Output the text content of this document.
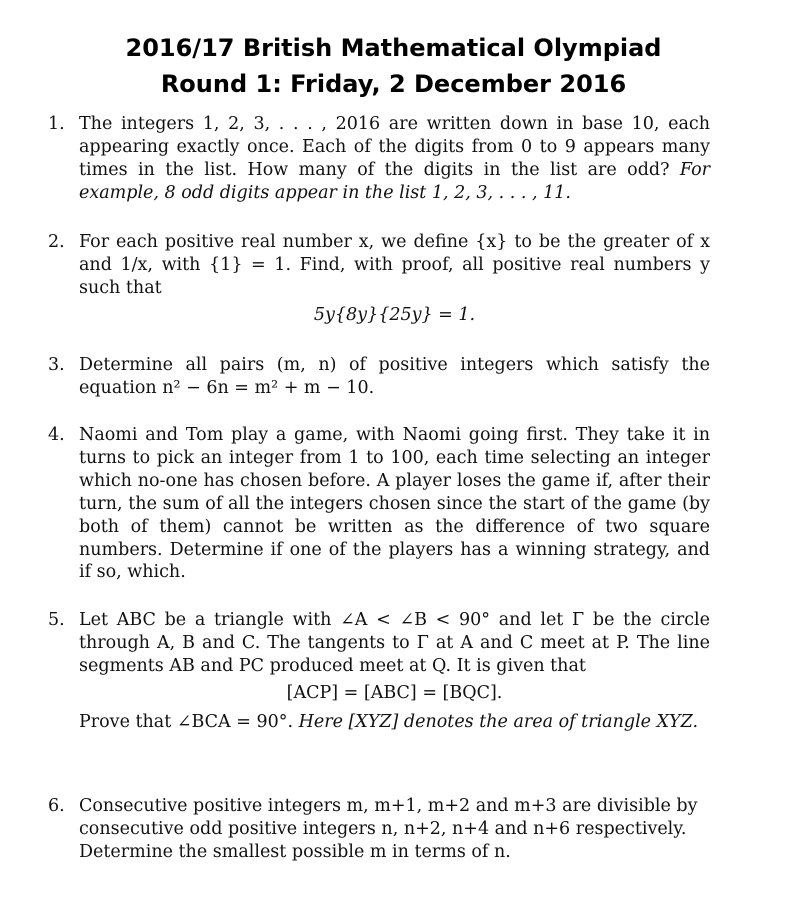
2016/17 British Mathematical Olympiad
Round 1: Friday, 2 December 2016
1. The integers 1, 2, 3, . . . , 2016 are written down in base 10, each appearing exactly once. Each of the digits from 0 to 9 appears many times in the list. How many of the digits in the list are odd? For example, 8 odd digits appear in the list 1, 2, 3, . . . , 11.
2. For each positive real number x, we define {x} to be the greater of x and 1/x, with {1} = 1. Find, with proof, all positive real numbers y such that
5y{8y}{25y} = 1.
3. Determine all pairs (m, n) of positive integers which satisfy the equation n² − 6n = m² + m − 10.
4. Naomi and Tom play a game, with Naomi going first. They take it in turns to pick an integer from 1 to 100, each time selecting an integer which no-one has chosen before. A player loses the game if, after their turn, the sum of all the integers chosen since the start of the game (by both of them) cannot be written as the difference of two square numbers. Determine if one of the players has a winning strategy, and if so, which.
5. Let ABC be a triangle with ∠A < ∠B < 90° and let Γ be the circle through A, B and C. The tangents to Γ at A and C meet at P. The line segments AB and PC produced meet at Q. It is given that
[ACP] = [ABC] = [BQC].
Prove that ∠BCA = 90°. Here [XYZ] denotes the area of triangle XYZ.
6. Consecutive positive integers m, m+1, m+2 and m+3 are divisible by consecutive odd positive integers n, n+2, n+4 and n+6 respectively. Determine the smallest possible m in terms of n.
